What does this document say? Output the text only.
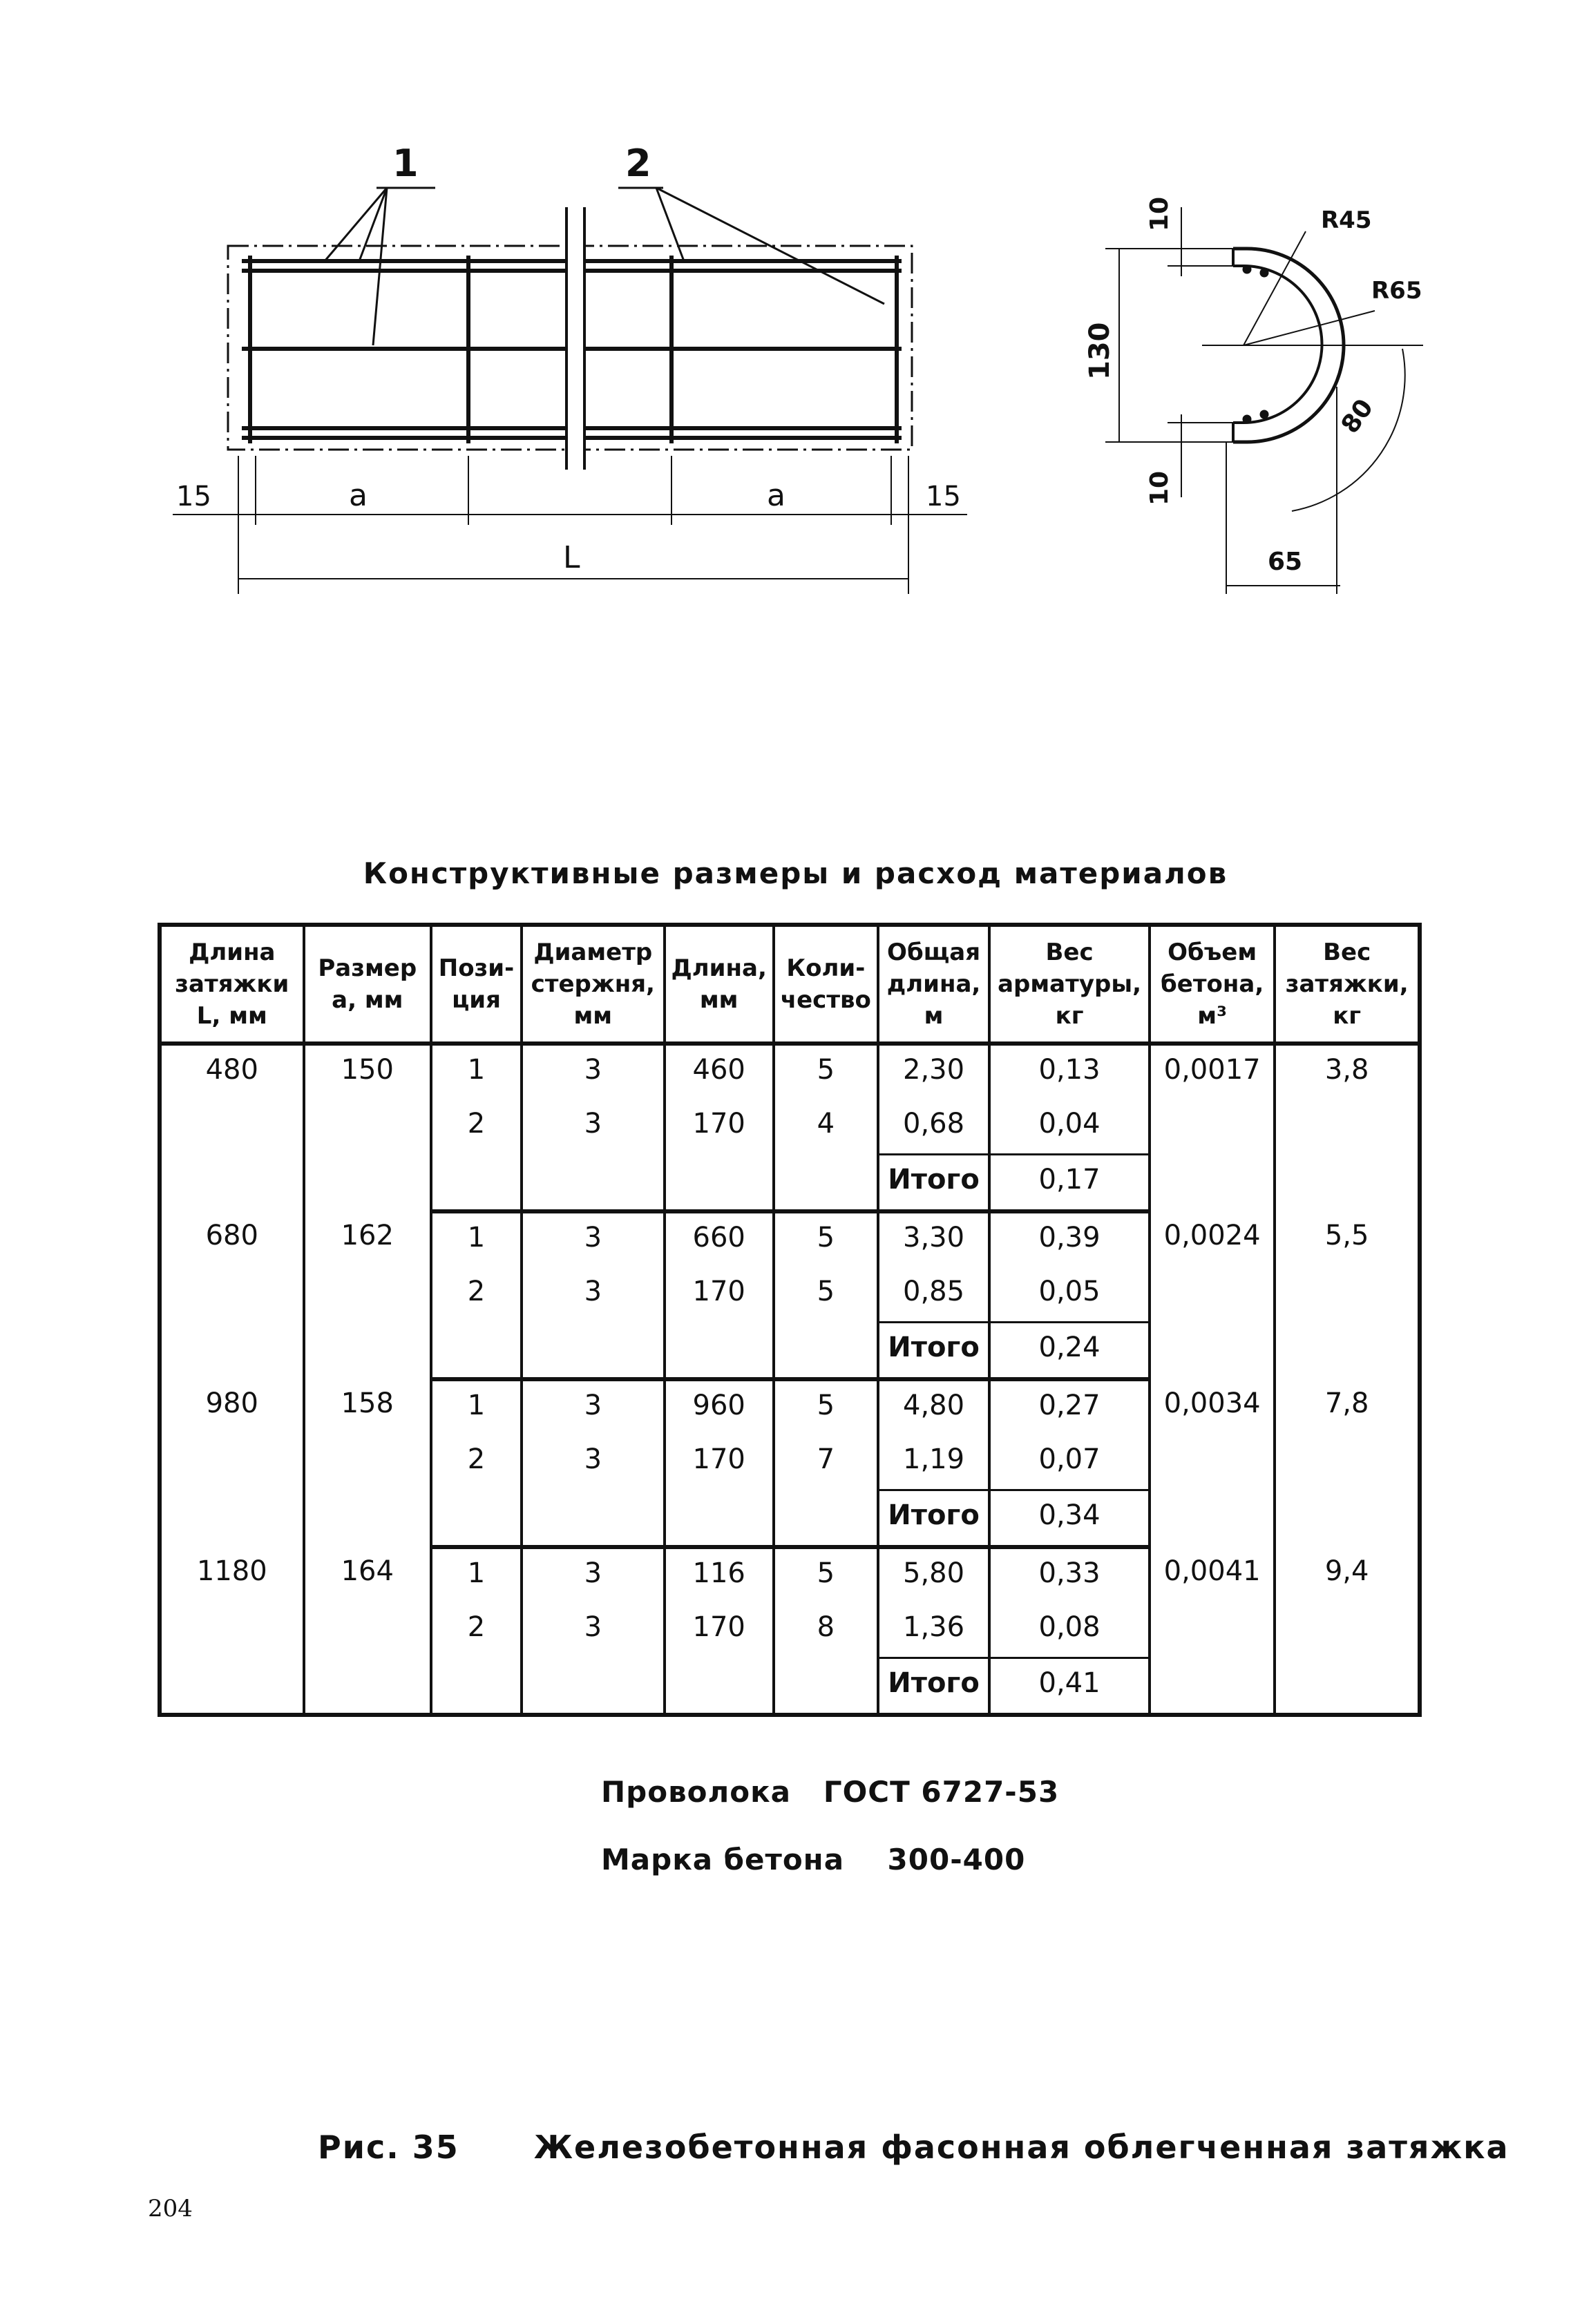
1	2
15	a	a	15
L
10
130
10
R45
R65
80
65
Конструктивные размеры и расход материалов
Длина затяжки L, мм	Размер a, мм	Пози-ция	Диаметр стержня, мм	Длина, мм	Коли-чество	Общая длина, м	Вес арматуры, кг	Объем бетона, м³	Вес затяжки, кг
480	150	1	3	460	5	2,30	0,13	0,0017	3,8
		2	3	170	4	0,68	0,04		
						Итого	0,17		
680	162	1	3	660	5	3,30	0,39	0,0024	5,5
		2	3	170	5	0,85	0,05		
						Итого	0,24		
980	158	1	3	960	5	4,80	0,27	0,0034	7,8
		2	3	170	7	1,19	0,07		
						Итого	0,34		
1180	164	1	3	116	5	5,80	0,33	0,0041	9,4
		2	3	170	8	1,36	0,08		
						Итого	0,41		
Проволока ГОСТ 6727-53
Марка бетона 300-400
Рис. 35 Железобетонная фасонная облегченная затяжка
204
